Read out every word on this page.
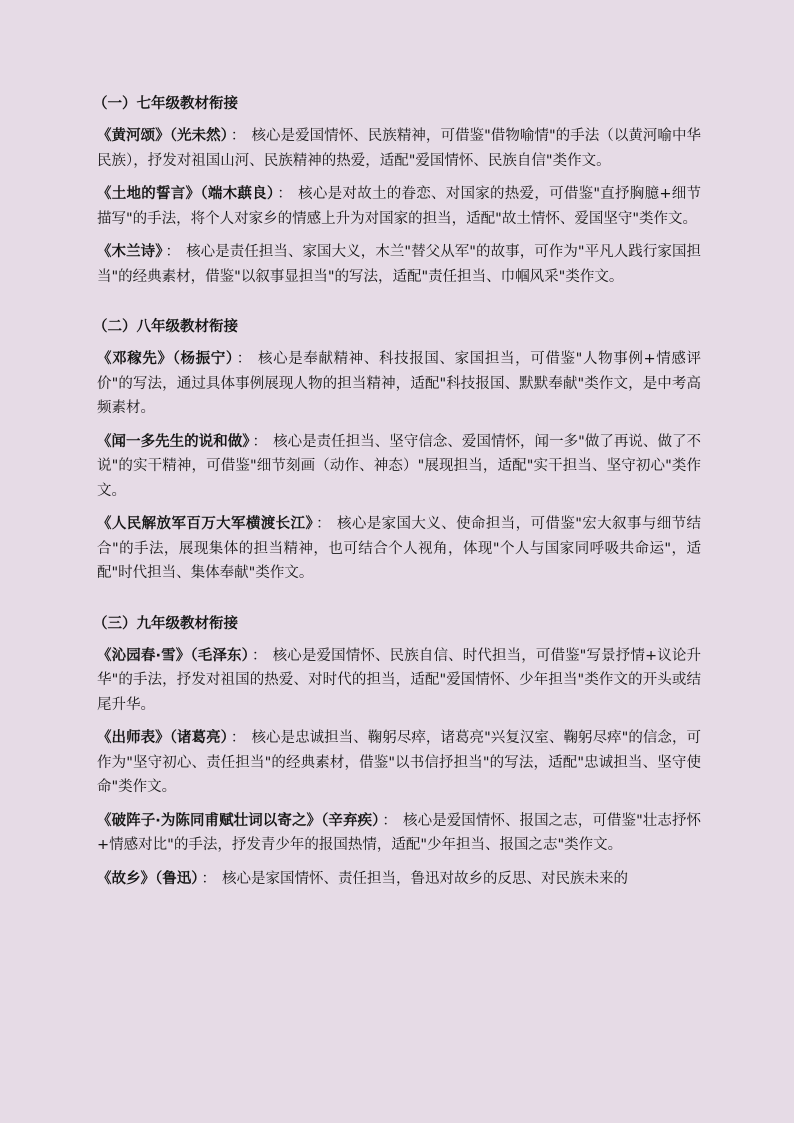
（一）七年级教材衔接

《黄河颂》（光未然） ： 核心是爱国情怀、民族精神，可借鉴"借物喻情"的手法（以黄河喻中华民族），抒发对祖国山河、民族精神的热爱，适配"爱国情怀、民族自信"类作文。

《土地的誓言》（端木蕻良） ： 核心是对故土的眷恋、对国家的热爱，可借鉴"直抒胸臆+细节描写"的手法，将个人对家乡的情感上升为对国家的担当，适配"故土情怀、爱国坚守"类作文。

《木兰诗》 ： 核心是责任担当、家国大义，木兰"替父从军"的故事，可作为"平凡人践行家国担当"的经典素材，借鉴"以叙事显担当"的写法，适配"责任担当、巾帼风采"类作文。

（二）八年级教材衔接

《邓稼先》（杨振宁） ： 核心是奉献精神、科技报国、家国担当，可借鉴"人物事例+情感评价"的写法，通过具体事例展现人物的担当精神，适配"科技报国、默默奉献"类作文，是中考高频素材。

《闻一多先生的说和做》 ： 核心是责任担当、坚守信念、爱国情怀，闻一多"做了再说、做了不说"的实干精神，可借鉴"细节刻画（动作、神态）"展现担当，适配"实干担当、坚守初心"类作文。

《人民解放军百万大军横渡长江》 ： 核心是家国大义、使命担当，可借鉴"宏大叙事与细节结合"的手法，展现集体的担当精神，也可结合个人视角，体现"个人与国家同呼吸共命运"，适配"时代担当、集体奉献"类作文。

（三）九年级教材衔接

《沁园春·雪》（毛泽东） ： 核心是爱国情怀、民族自信、时代担当，可借鉴"写景抒情+议论升华"的手法，抒发对祖国的热爱、对时代的担当，适配"爱国情怀、少年担当"类作文的开头或结尾升华。

《出师表》（诸葛亮） ： 核心是忠诚担当、鞠躬尽瘁，诸葛亮"兴复汉室、鞠躬尽瘁"的信念，可作为"坚守初心、责任担当"的经典素材，借鉴"以书信抒担当"的写法，适配"忠诚担当、坚守使命"类作文。

《破阵子·为陈同甫赋壮词以寄之》（辛弃疾） ： 核心是爱国情怀、报国之志，可借鉴"壮志抒怀+情感对比"的手法，抒发青少年的报国热情，适配"少年担当、报国之志"类作文。

《故乡》（鲁迅） ： 核心是家国情怀、责任担当，鲁迅对故乡的反思、对民族未来的
